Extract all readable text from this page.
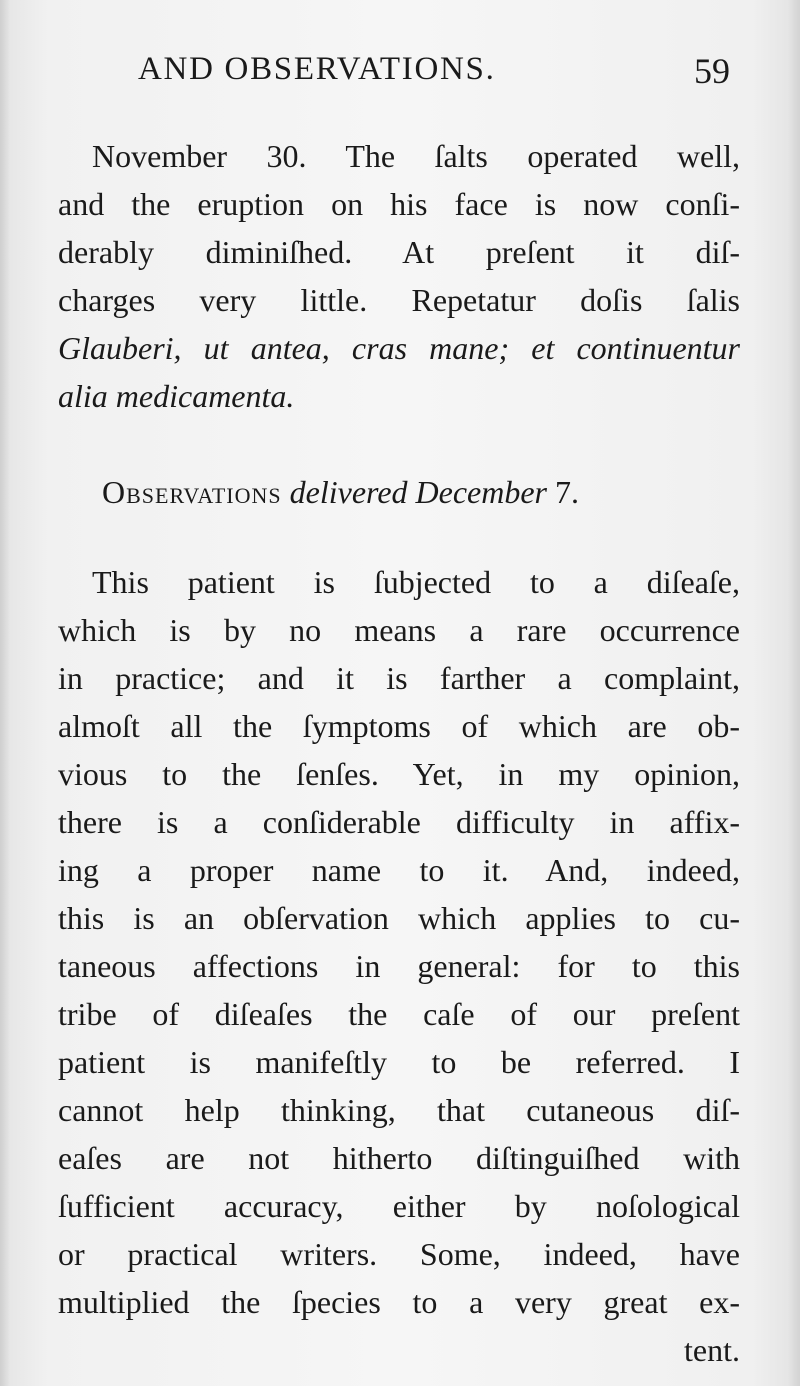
AND OBSERVATIONS.	59
November 30. The ſalts operated well,
and the eruption on his face is now conſi-
derably diminiſhed. At preſent it diſ-
charges very little. Repetatur doſis ſalis
Glauberi, ut antea, cras mane; et continuentur
alia medicamenta.
Observations delivered December 7.
This patient is ſubjected to a diſeaſe,
which is by no means a rare occurrence
in practice; and it is farther a complaint,
almoſt all the ſymptoms of which are ob-
vious to the ſenſes. Yet, in my opinion,
there is a conſiderable difficulty in affix-
ing a proper name to it. And, indeed,
this is an obſervation which applies to cu-
taneous affections in general: for to this
tribe of diſeaſes the caſe of our preſent
patient is manifeſtly to be referred. I
cannot help thinking, that cutaneous diſ-
eaſes are not hitherto diſtinguiſhed with
ſufficient accuracy, either by noſological
or practical writers. Some, indeed, have
multiplied the ſpecies to a very great ex-
tent.
